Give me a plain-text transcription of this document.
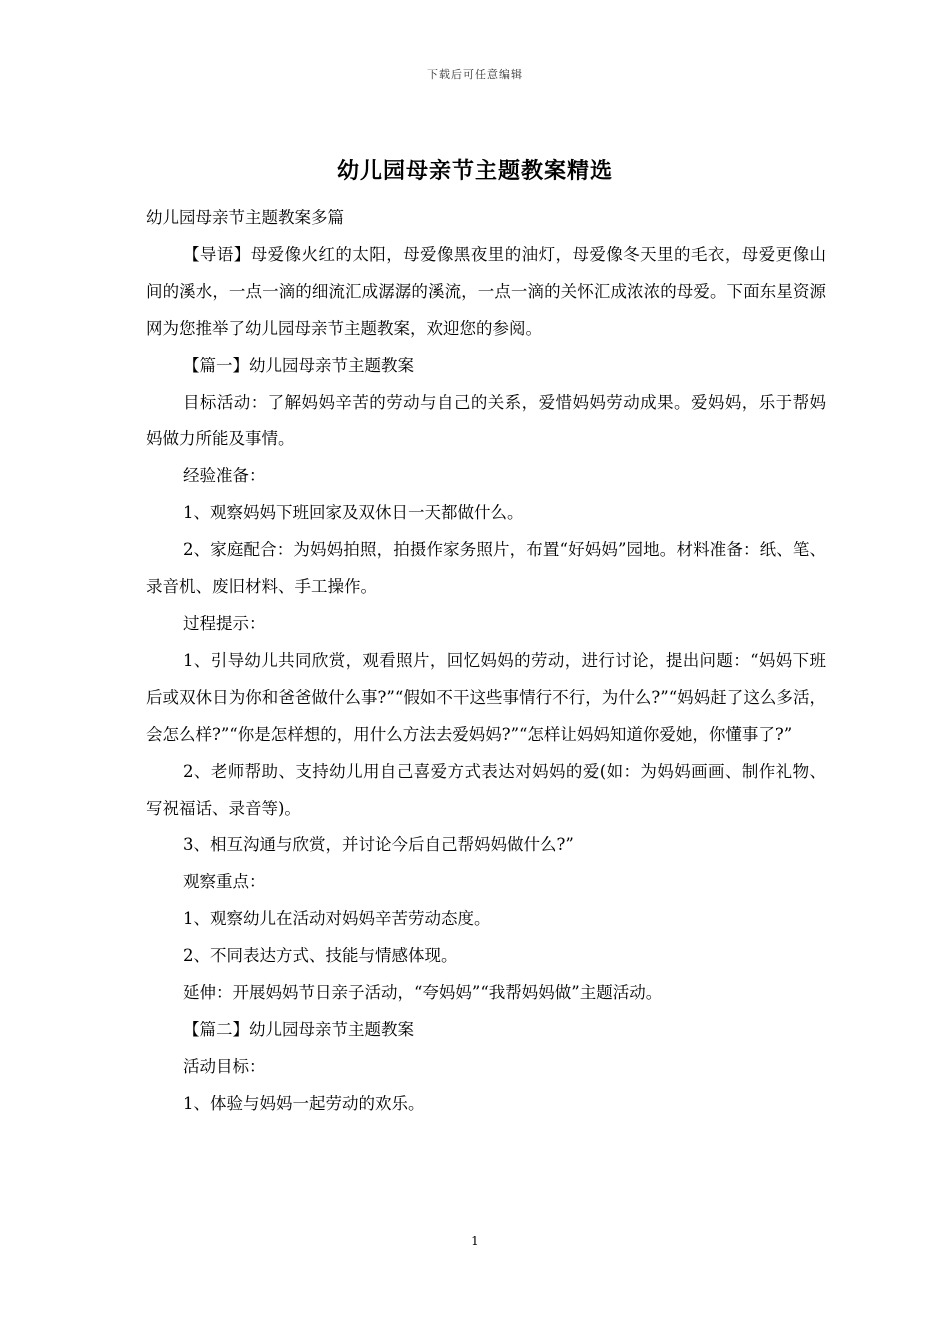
下载后可任意编辑
幼儿园母亲节主题教案精选

幼儿园母亲节主题教案多篇

【导语】母爱像火红的太阳，母爱像黑夜里的油灯，母爱像冬天里的毛衣，母爱更像山间的溪水，一点一滴的细流汇成潺潺的溪流，一点一滴的关怀汇成浓浓的母爱。下面东星资源网为您推举了幼儿园母亲节主题教案，欢迎您的参阅。

【篇一】幼儿园母亲节主题教案

目标活动：了解妈妈辛苦的劳动与自己的关系，爱惜妈妈劳动成果。爱妈妈，乐于帮妈妈做力所能及事情。

经验准备：

1、观察妈妈下班回家及双休日一天都做什么。

2、家庭配合：为妈妈拍照，拍摄作家务照片，布置“好妈妈”园地。材料准备：纸、笔、录音机、废旧材料、手工操作。

过程提示：

1、引导幼儿共同欣赏，观看照片，回忆妈妈的劳动，进行讨论，提出问题：“妈妈下班后或双休日为你和爸爸做什么事?”“假如不干这些事情行不行，为什么?”“妈妈赶了这么多活，会怎么样?”“你是怎样想的，用什么方法去爱妈妈?”“怎样让妈妈知道你爱她，你懂事了?”

2、老师帮助、支持幼儿用自己喜爱方式表达对妈妈的爱(如：为妈妈画画、制作礼物、写祝福话、录音等)。

3、相互沟通与欣赏，并讨论今后自己帮妈妈做什么?”

观察重点：

1、观察幼儿在活动对妈妈辛苦劳动态度。

2、不同表达方式、技能与情感体现。

延伸：开展妈妈节日亲子活动，“夸妈妈”“我帮妈妈做”主题活动。

【篇二】幼儿园母亲节主题教案

活动目标：

1、体验与妈妈一起劳动的欢乐。

1
